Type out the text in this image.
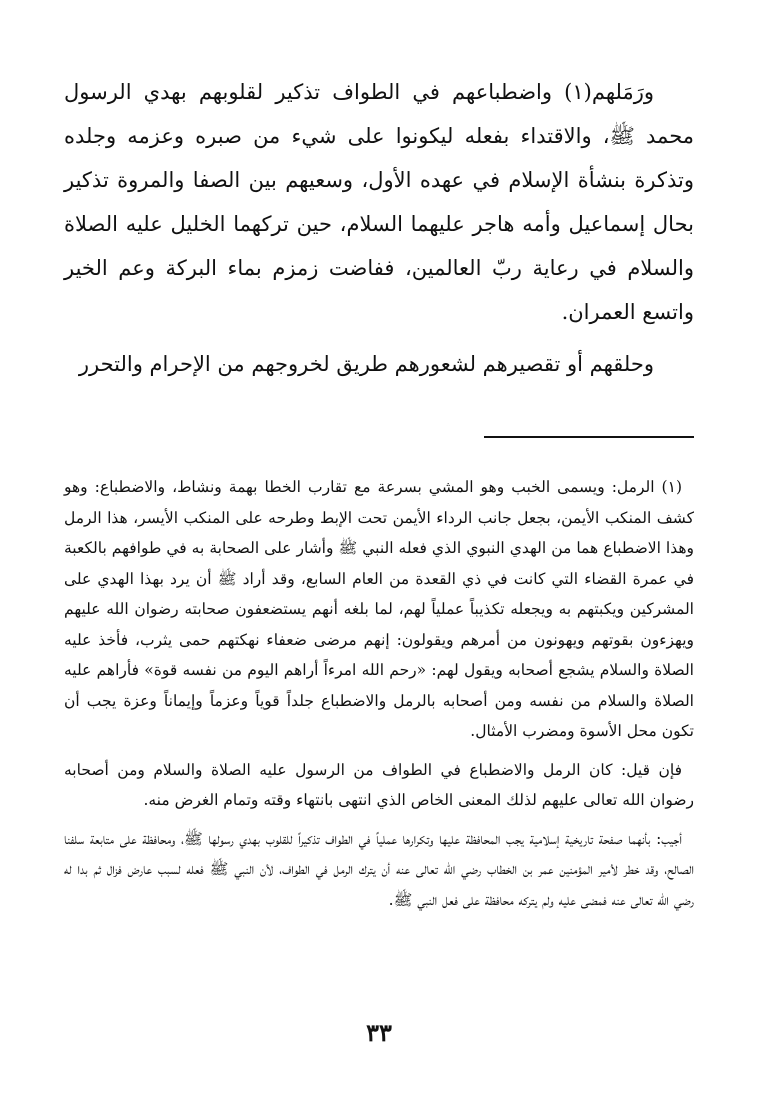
ورَمَلهم(١) واضطباعهم في الطواف تذكير لقلوبهم بهدي الرسول محمد ﷺ، والاقتداء بفعله ليكونوا على شيء من صبره وعزمه وجلده وتذكرة بنشأة الإسلام في عهده الأول، وسعيهم بين الصفا والمروة تذكير بحال إسماعيل وأمه هاجر عليهما السلام، حين تركهما الخليل عليه الصلاة والسلام في رعاية ربّ العالمين، ففاضت زمزم بماء البركة وعم الخير واتسع العمران.

وحلقهم أو تقصيرهم لشعورهم طريق لخروجهم من الإحرام والتحرر

(١) الرمل: ويسمى الخبب وهو المشي بسرعة مع تقارب الخطا بهمة ونشاط، والاضطباع: وهو كشف المنكب الأيمن، بجعل جانب الرداء الأيمن تحت الإبط وطرحه على المنكب الأيسر، هذا الرمل وهذا الاضطباع هما من الهدي النبوي الذي فعله النبي ﷺ وأشار على الصحابة به في طوافهم بالكعبة في عمرة القضاء التي كانت في ذي القعدة من العام السابع، وقد أراد ﷺ أن يرد بهذا الهدي على المشركين ويكبتهم به ويجعله تكذيباً عملياً لهم، لما بلغه أنهم يستضعفون صحابته رضوان الله عليهم ويهزءون بقوتهم ويهونون من أمرهم ويقولون: إنهم مرضى ضعفاء نهكتهم حمى يثرب، فأخذ عليه الصلاة والسلام يشجع أصحابه ويقول لهم: «رحم الله امرءاً أراهم اليوم من نفسه قوة» فأراهم عليه الصلاة والسلام من نفسه ومن أصحابه بالرمل والاضطباع جلداً قوياً وعزماً وإيماناً وعزة يجب أن تكون محل الأسوة ومضرب الأمثال.

فإن قيل: كان الرمل والاضطباع في الطواف من الرسول عليه الصلاة والسلام ومن أصحابه رضوان الله تعالى عليهم لذلك المعنى الخاص الذي انتهى بانتهاء وقته وتمام الغرض منه.

أجيب: بأنهما صفحة تاريخية إسلامية يجب المحافظة عليها وتكرارها عملياً في الطواف تذكيراً للقلوب بهدي رسولها ﷺ، ومحافظة على متابعة سلفنا الصالح، وقد خطر لأمير المؤمنين عمر بن الخطاب رضي الله تعالى عنه أن يترك الرمل في الطواف، لأن النبي ﷺ فعله لسبب عارض فزال ثم بدا له رضي الله تعالى عنه فمضى عليه ولم يتركه محافظة على فعل النبي ﷺ.

٣٣
